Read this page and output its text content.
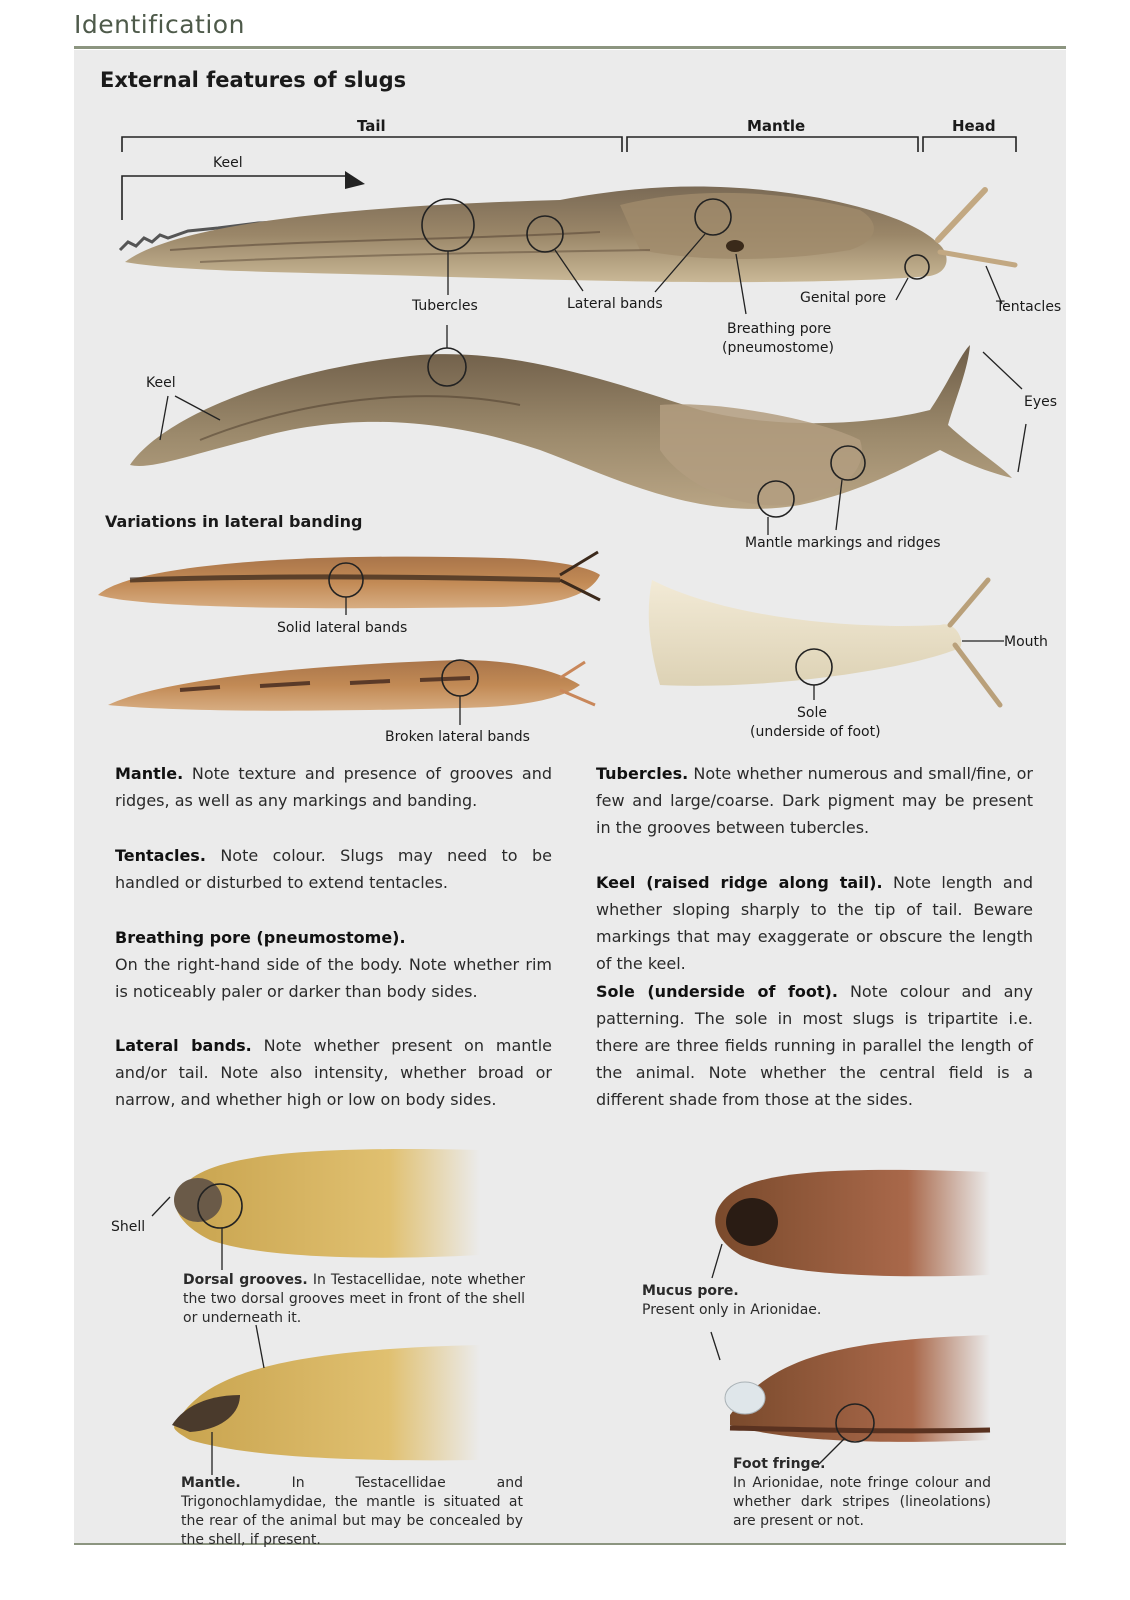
Identification
External features of slugs
Tail	Mantle	Head
Keel
Tubercles	Lateral bands	Genital pore
Tentacles
Breathing pore
(pneumostome)
Keel
Eyes
Mantle markings and ridges
Mouth
Solid lateral bands
Broken lateral bands
Sole
(underside of foot)
Shell
Variations in lateral banding
Mantle. Note texture and presence of grooves and ridges, as well as any markings and banding.
Tentacles. Note colour. Slugs may need to be handled or disturbed to extend tentacles.
Breathing pore (pneumostome).
On the right-hand side of the body. Note whether rim is noticeably paler or darker than body sides.
Lateral bands. Note whether present on mantle and/or tail. Note also intensity, whether broad or narrow, and whether high or low on body sides.
Tubercles. Note whether numerous and small/fine, or few and large/coarse. Dark pigment may be present in the grooves between tubercles.
Keel (raised ridge along tail). Note length and whether sloping sharply to the tip of tail. Beware markings that may exaggerate or obscure the length of the keel.
Sole (underside of foot). Note colour and any patterning. The sole in most slugs is tripartite i.e. there are three fields running in parallel the length of the animal. Note whether the central field is a different shade from those at the sides.
Dorsal grooves. In Testacellidae, note whether the two dorsal grooves meet in front of the shell or underneath it.
Mantle. In Testacellidae and Trigonochlamydidae, the mantle is situated at the rear of the animal but may be concealed by the shell, if present.
Mucus pore.
Present only in Arionidae.
Foot fringe.
In Arionidae, note fringe colour and whether dark stripes (lineolations) are present or not.
